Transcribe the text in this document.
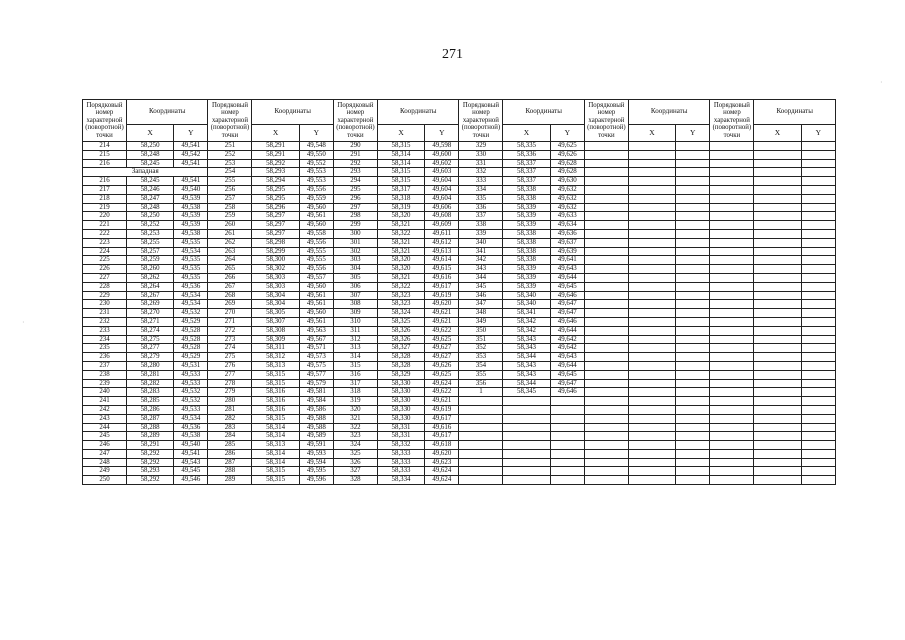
271
Порядковый номер характерной (поворотной) точки	Координаты		Порядковый номер характерной (поворотной) точки	Координаты		Порядковый номер характерной (поворотной) точки	Координаты		Порядковый номер характерной (поворотной) точки	Координаты		Порядковый номер характерной (поворотной) точки	Координаты		Порядковый номер характерной (поворотной) точки	Координаты	
	X	Y		X	Y		X	Y		X	Y		X	Y		X	Y
214	58,250	49,541	251	58,291	49,548	290	58,315	49,598	329	58,335	49,625						
215	58,248	49,542	252	58,291	49,550	291	58,314	49,600	330	58,336	49,626						
216	58,245	49,541	253	58,292	49,552	292	58,314	49,602	331	58,337	49,628						
Западная			254	58,293	49,553	293	58,315	49,603	332	58,337	49,628						
216	58,245	49,541	255	58,294	49,553	294	58,315	49,604	333	58,337	49,630						
217	58,246	49,540	256	58,295	49,556	295	58,317	49,604	334	58,338	49,632						
218	58,247	49,539	257	58,295	49,559	296	58,318	49,604	335	58,338	49,632						
219	58,248	49,538	258	58,296	49,560	297	58,319	49,606	336	58,339	49,632						
220	58,250	49,539	259	58,297	49,561	298	58,320	49,608	337	58,339	49,633						
221	58,252	49,539	260	58,297	49,560	299	58,321	49,609	338	58,339	49,634						
222	58,253	49,538	261	58,297	49,558	300	58,322	49,611	339	58,338	49,636						
223	58,255	49,535	262	58,298	49,556	301	58,321	49,612	340	58,338	49,637						
224	58,257	49,534	263	58,299	49,555	302	58,321	49,613	341	58,338	49,639						
225	58,259	49,535	264	58,300	49,555	303	58,320	49,614	342	58,338	49,641						
226	58,260	49,535	265	58,302	49,556	304	58,320	49,615	343	58,339	49,643						
227	58,262	49,535	266	58,303	49,557	305	58,321	49,616	344	58,339	49,644						
228	58,264	49,536	267	58,303	49,560	306	58,322	49,617	345	58,339	49,645						
229	58,267	49,534	268	58,304	49,561	307	58,323	49,619	346	58,340	49,646						
230	58,269	49,534	269	58,304	49,561	308	58,323	49,620	347	58,340	49,647						
231	58,270	49,532	270	58,305	49,560	309	58,324	49,621	348	58,341	49,647						
232	58,271	49,529	271	58,307	49,561	310	58,325	49,621	349	58,342	49,646						
233	58,274	49,528	272	58,308	49,563	311	58,326	49,622	350	58,342	49,644						
234	58,275	49,528	273	58,309	49,567	312	58,326	49,625	351	58,343	49,642						
235	58,277	49,528	274	58,311	49,571	313	58,327	49,627	352	58,343	49,642						
236	58,279	49,529	275	58,312	49,573	314	58,328	49,627	353	58,344	49,643						
237	58,280	49,531	276	58,313	49,575	315	58,328	49,626	354	58,343	49,644						
238	58,281	49,533	277	58,315	49,577	316	58,329	49,625	355	58,343	49,645						
239	58,282	49,533	278	58,315	49,579	317	58,330	49,624	356	58,344	49,647						
240	58,283	49,532	279	58,316	49,581	318	58,330	49,622	1	58,345	49,646						
241	58,285	49,532	280	58,316	49,584	319	58,330	49,621									
242	58,286	49,533	281	58,316	49,586	320	58,330	49,619									
243	58,287	49,534	282	58,315	49,588	321	58,330	49,617									
244	58,288	49,536	283	58,314	49,588	322	58,331	49,616									
245	58,289	49,538	284	58,314	49,589	323	58,331	49,617									
246	58,291	49,540	285	58,313	49,591	324	58,332	49,618									
247	58,292	49,541	286	58,314	49,593	325	58,333	49,620									
248	58,292	49,543	287	58,314	49,594	326	58,333	49,623									
249	58,293	49,545	288	58,315	49,595	327	58,333	49,624									
250	58,292	49,546	289	58,315	49,596	328	58,334	49,624									
·
·
